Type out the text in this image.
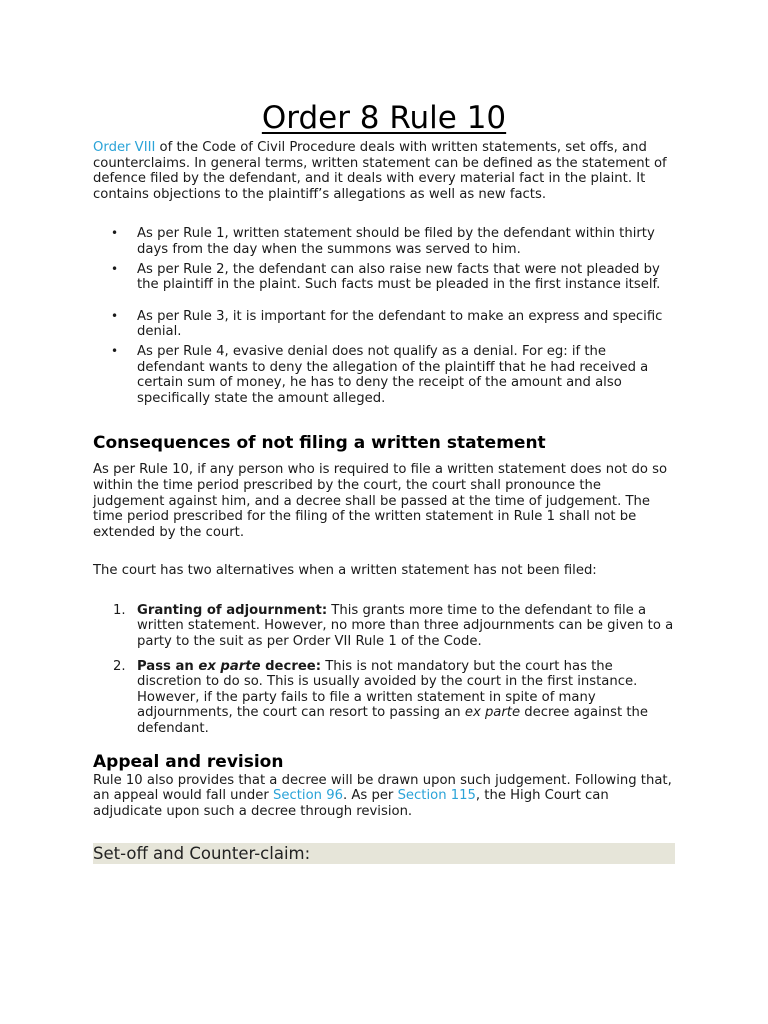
Order 8 Rule 10

Order VIII of the Code of Civil Procedure deals with written statements, set offs, and counterclaims. In general terms, written statement can be defined as the statement of defence filed by the defendant, and it deals with every material fact in the plaint. It contains objections to the plaintiff’s allegations as well as new facts.

• As per Rule 1, written statement should be filed by the defendant within thirty days from the day when the summons was served to him.
• As per Rule 2, the defendant can also raise new facts that were not pleaded by the plaintiff in the plaint. Such facts must be pleaded in the first instance itself.
• As per Rule 3, it is important for the defendant to make an express and specific denial.
• As per Rule 4, evasive denial does not qualify as a denial. For eg: if the defendant wants to deny the allegation of the plaintiff that he had received a certain sum of money, he has to deny the receipt of the amount and also specifically state the amount alleged.
Consequences of not filing a written statement

As per Rule 10, if any person who is required to file a written statement does not do so within the time period prescribed by the court, the court shall pronounce the judgement against him, and a decree shall be passed at the time of judgement. The time period prescribed for the filing of the written statement in Rule 1 shall not be extended by the court.

The court has two alternatives when a written statement has not been filed:

1. Granting of adjournment: This grants more time to the defendant to file a written statement. However, no more than three adjournments can be given to a party to the suit as per Order VII Rule 1 of the Code.
2. Pass an ex parte decree: This is not mandatory but the court has the discretion to do so. This is usually avoided by the court in the first instance. However, if the party fails to file a written statement in spite of many adjournments, the court can resort to passing an ex parte decree against the defendant.
Appeal and revision

Rule 10 also provides that a decree will be drawn upon such judgement. Following that, an appeal would fall under Section 96. As per Section 115, the High Court can adjudicate upon such a decree through revision.

Set-off and Counter-claim:
